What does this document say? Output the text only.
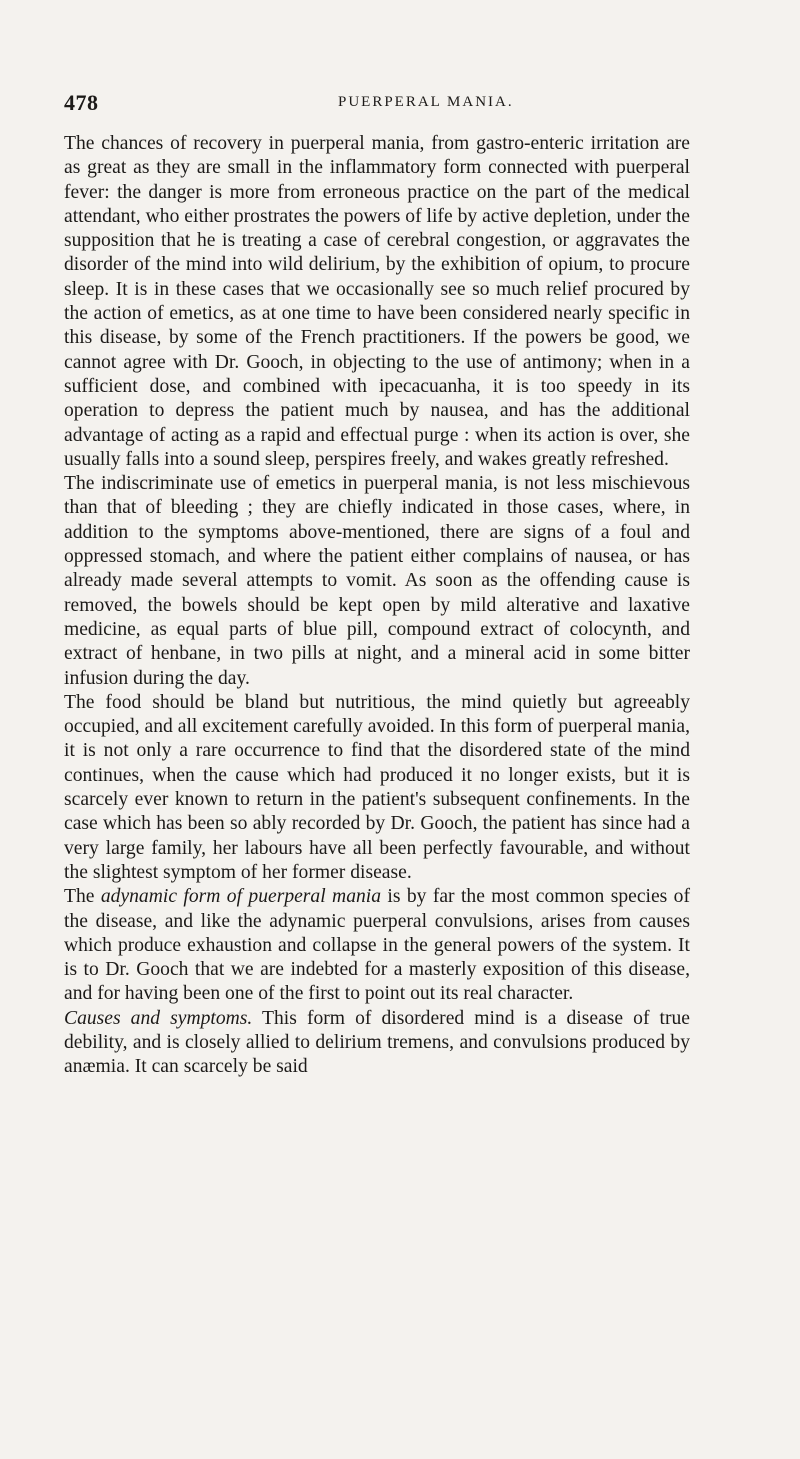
478	PUERPERAL MANIA.

The chances of recovery in puerperal mania, from gastro-enteric irritation are as great as they are small in the inflammatory form connected with puerperal fever: the danger is more from erroneous practice on the part of the medical attendant, who either prostrates the powers of life by active depletion, under the supposition that he is treating a case of cerebral congestion, or aggravates the disorder of the mind into wild delirium, by the exhibition of opium, to procure sleep. It is in these cases that we occasionally see so much relief procured by the action of emetics, as at one time to have been considered nearly specific in this disease, by some of the French practitioners. If the powers be good, we cannot agree with Dr. Gooch, in objecting to the use of antimony; when in a sufficient dose, and combined with ipecacuanha, it is too speedy in its operation to depress the patient much by nausea, and has the additional advantage of acting as a rapid and effectual purge : when its action is over, she usually falls into a sound sleep, perspires freely, and wakes greatly refreshed.

The indiscriminate use of emetics in puerperal mania, is not less mischievous than that of bleeding ; they are chiefly indicated in those cases, where, in addition to the symptoms above-mentioned, there are signs of a foul and oppressed stomach, and where the patient either complains of nausea, or has already made several attempts to vomit. As soon as the offending cause is removed, the bowels should be kept open by mild alterative and laxative medicine, as equal parts of blue pill, compound extract of colocynth, and extract of henbane, in two pills at night, and a mineral acid in some bitter infusion during the day.

The food should be bland but nutritious, the mind quietly but agreeably occupied, and all excitement carefully avoided. In this form of puerperal mania, it is not only a rare occurrence to find that the disordered state of the mind continues, when the cause which had produced it no longer exists, but it is scarcely ever known to return in the patient's subsequent confinements. In the case which has been so ably recorded by Dr. Gooch, the patient has since had a very large family, her labours have all been perfectly favourable, and without the slightest symptom of her former disease.

The adynamic form of puerperal mania is by far the most common species of the disease, and like the adynamic puerperal convulsions, arises from causes which produce exhaustion and collapse in the general powers of the system. It is to Dr. Gooch that we are indebted for a masterly exposition of this disease, and for having been one of the first to point out its real character.

Causes and symptoms. This form of disordered mind is a disease of true debility, and is closely allied to delirium tremens, and convulsions produced by anæmia. It can scarcely be said
